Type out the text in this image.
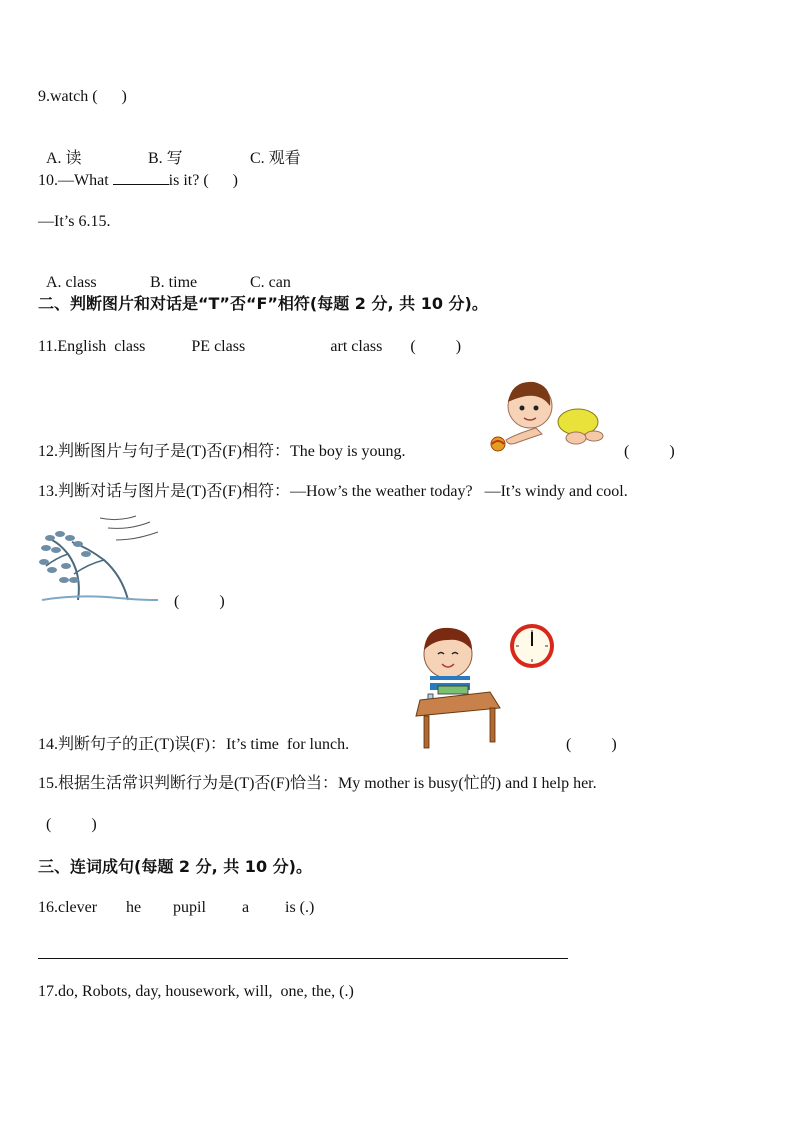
9.watch (      )

A. 读	B. 写	C. 观看

10.—What	is it? (      )
—It’s 6.15.

A. class	B. time	C. can

二、判断图片和对话是“T”否“F”相符(每题 2 分, 共 10 分)。
11.English  class	PE class	art class (          )
12.判断图片与句子是(T)否(F)相符：The boy is young.	(          )
13.判断对话与图片是(T)否(F)相符：—How’s the weather today?   —It’s windy and cool.
(          )
14.判断句子的正(T)误(F)：It’s time  for lunch.	(          )
15.根据生活常识判断行为是(T)否(F)恰当：My mother is busy(忙的) and I help her.
(          )
三、连词成句(每题 2 分, 共 10 分)。
16.clever he pupil a is (.)
17.do, Robots, day, housework, will,  one, the, (.)
